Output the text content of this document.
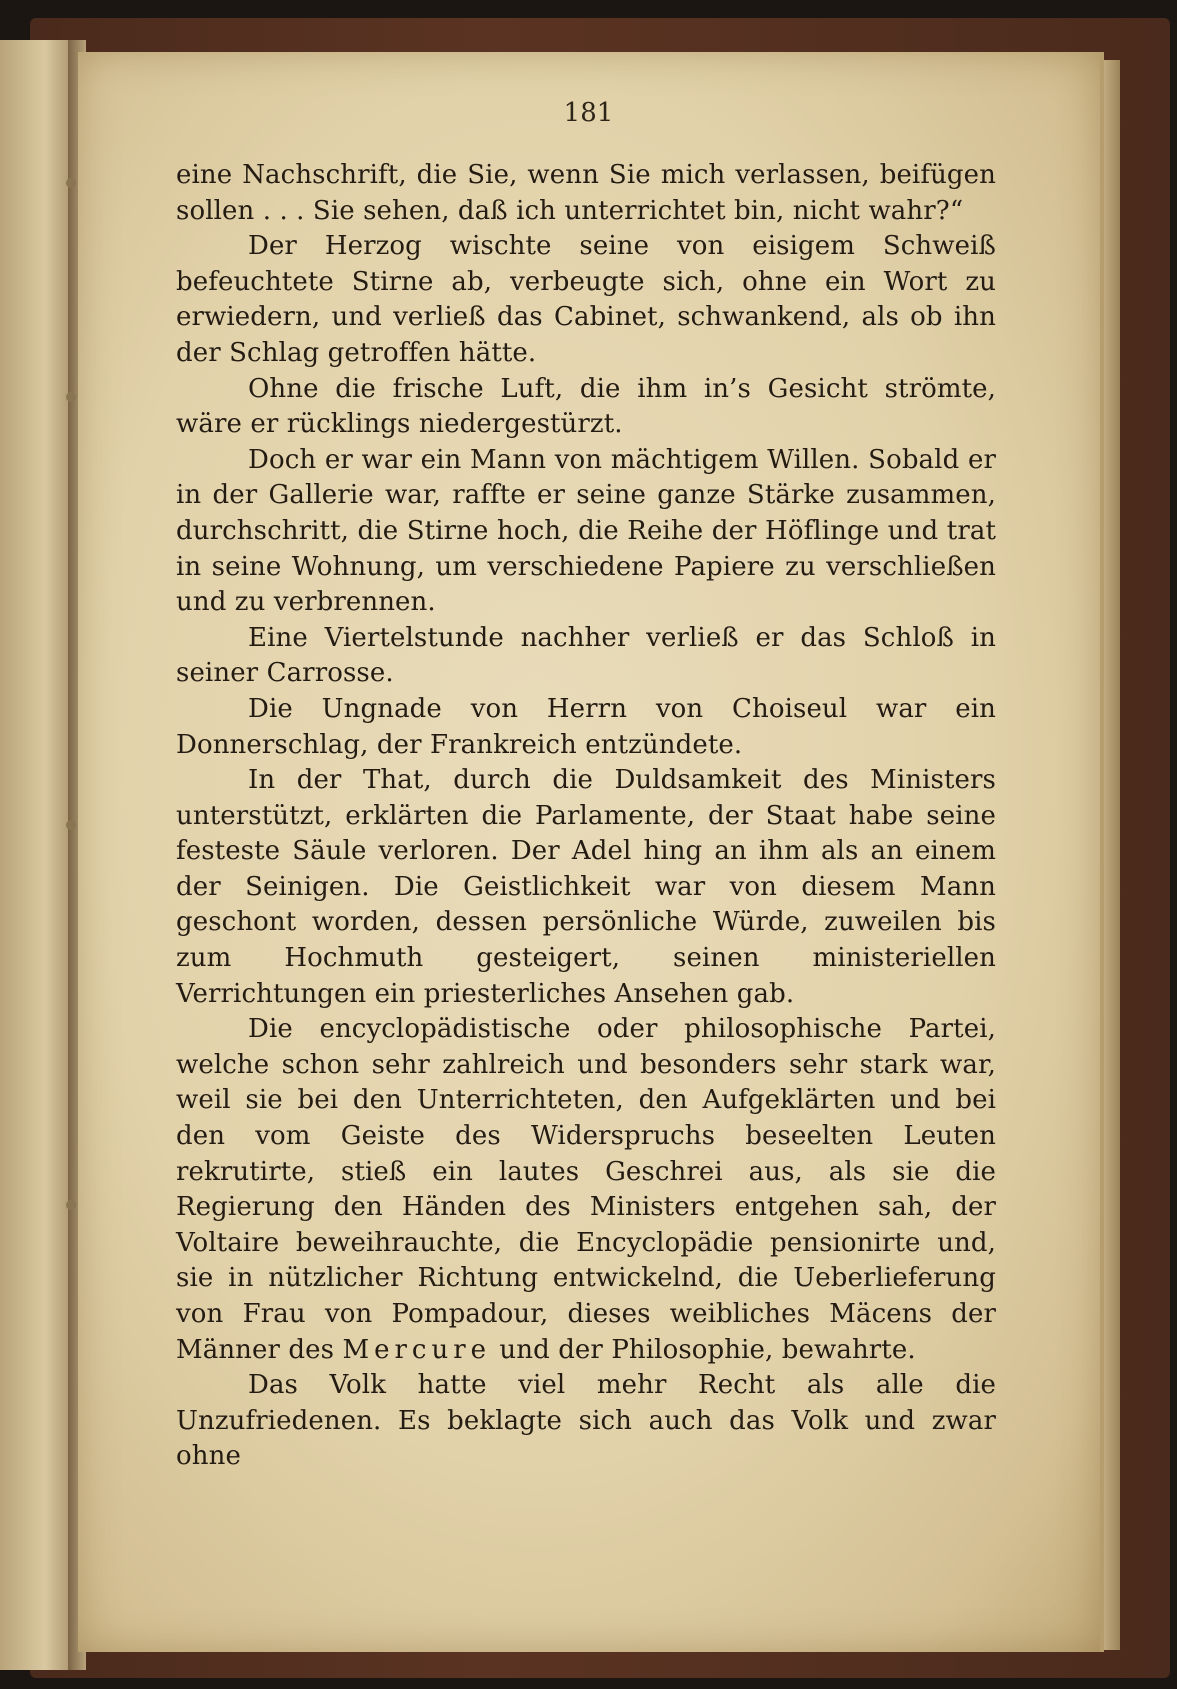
181

eine Nachschrift, die Sie, wenn Sie mich verlassen, beifügen sollen . . . Sie sehen, daß ich unterrichtet bin, nicht wahr?“

Der Herzog wischte seine von eisigem Schweiß befeuchtete Stirne ab, verbeugte sich, ohne ein Wort zu erwiedern, und verließ das Cabinet, schwankend, als ob ihn der Schlag getroffen hätte.

Ohne die frische Luft, die ihm in’s Gesicht strömte, wäre er rücklings niedergestürzt.

Doch er war ein Mann von mächtigem Willen. Sobald er in der Gallerie war, raffte er seine ganze Stärke zusammen, durchschritt, die Stirne hoch, die Reihe der Höflinge und trat in seine Wohnung, um verschiedene Papiere zu verschließen und zu verbrennen.

Eine Viertelstunde nachher verließ er das Schloß in seiner Carrosse.

Die Ungnade von Herrn von Choiseul war ein Donnerschlag, der Frankreich entzündete.

In der That, durch die Duldsamkeit des Ministers unterstützt, erklärten die Parlamente, der Staat habe seine festeste Säule verloren. Der Adel hing an ihm als an einem der Seinigen. Die Geistlichkeit war von diesem Mann geschont worden, dessen persönliche Würde, zuweilen bis zum Hochmuth gesteigert, seinen ministeriellen Verrichtungen ein priesterliches Ansehen gab.

Die encyclopädistische oder philosophische Partei, welche schon sehr zahlreich und besonders sehr stark war, weil sie bei den Unterrichteten, den Aufgeklärten und bei den vom Geiste des Widerspruchs beseelten Leuten rekrutirte, stieß ein lautes Geschrei aus, als sie die Regierung den Händen des Ministers entgehen sah, der Voltaire beweihrauchte, die Encyclopädie pensionirte und, sie in nützlicher Richtung entwickelnd, die Ueberlieferung von Frau von Pompadour, dieses weibliches Mäcens der Männer des Mercure und der Philosophie, bewahrte.

Das Volk hatte viel mehr Recht als alle die Unzufriedenen. Es beklagte sich auch das Volk und zwar ohne
